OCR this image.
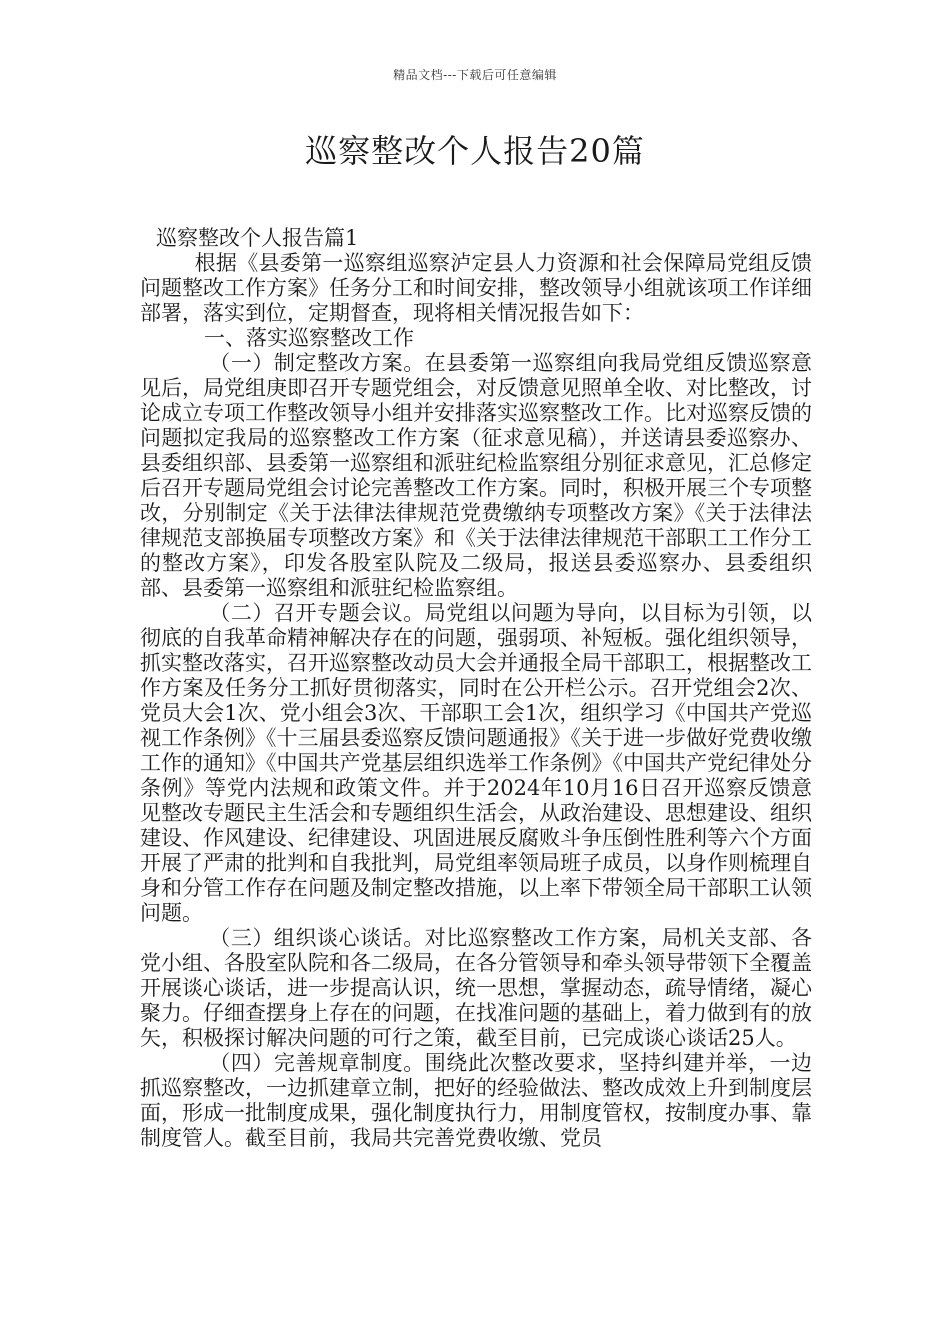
精品文档---下载后可任意编辑
巡察整改个人报告20篇

巡察整改个人报告篇1

根据《县委第一巡察组巡察泸定县人力资源和社会保障局党组反馈问题整改工作方案》任务分工和时间安排，整改领导小组就该项工作详细部署，落实到位，定期督查，现将相关情况报告如下：

一、落实巡察整改工作

（一）制定整改方案。在县委第一巡察组向我局党组反馈巡察意见后，局党组庚即召开专题党组会，对反馈意见照单全收、对比整改，讨论成立专项工作整改领导小组并安排落实巡察整改工作。比对巡察反馈的问题拟定我局的巡察整改工作方案（征求意见稿），并送请县委巡察办、县委组织部、县委第一巡察组和派驻纪检监察组分别征求意见，汇总修定后召开专题局党组会讨论完善整改工作方案。同时，积极开展三个专项整改，分别制定《关于法律法律规范党费缴纳专项整改方案》《关于法律法律规范支部换届专项整改方案》和《关于法律法律规范干部职工工作分工的整改方案》，印发各股室队院及二级局，报送县委巡察办、县委组织部、县委第一巡察组和派驻纪检监察组。

（二）召开专题会议。局党组以问题为导向，以目标为引领，以彻底的自我革命精神解决存在的问题，强弱项、补短板。强化组织领导，抓实整改落实，召开巡察整改动员大会并通报全局干部职工，根据整改工作方案及任务分工抓好贯彻落实，同时在公开栏公示。召开党组会2次、党员大会1次、党小组会3次、干部职工会1次，组织学习《中国共产党巡视工作条例》《十三届县委巡察反馈问题通报》《关于进一步做好党费收缴工作的通知》《中国共产党基层组织选举工作条例》《中国共产党纪律处分条例》等党内法规和政策文件。并于2024年10月16日召开巡察反馈意见整改专题民主生活会和专题组织生活会，从政治建设、思想建设、组织建设、作风建设、纪律建设、巩固进展反腐败斗争压倒性胜利等六个方面开展了严肃的批判和自我批判，局党组率领局班子成员，以身作则梳理自身和分管工作存在问题及制定整改措施，以上率下带领全局干部职工认领问题。

（三）组织谈心谈话。对比巡察整改工作方案，局机关支部、各党小组、各股室队院和各二级局，在各分管领导和牵头领导带领下全覆盖开展谈心谈话，进一步提高认识，统一思想，掌握动态，疏导情绪，凝心聚力。仔细查摆身上存在的问题，在找准问题的基础上，着力做到有的放矢，积极探讨解决问题的可行之策，截至目前，已完成谈心谈话25人。

（四）完善规章制度。围绕此次整改要求，坚持纠建并举，一边抓巡察整改，一边抓建章立制，把好的经验做法、整改成效上升到制度层面，形成一批制度成果，强化制度执行力，用制度管权，按制度办事、靠制度管人。截至目前，我局共完善党费收缴、党员
